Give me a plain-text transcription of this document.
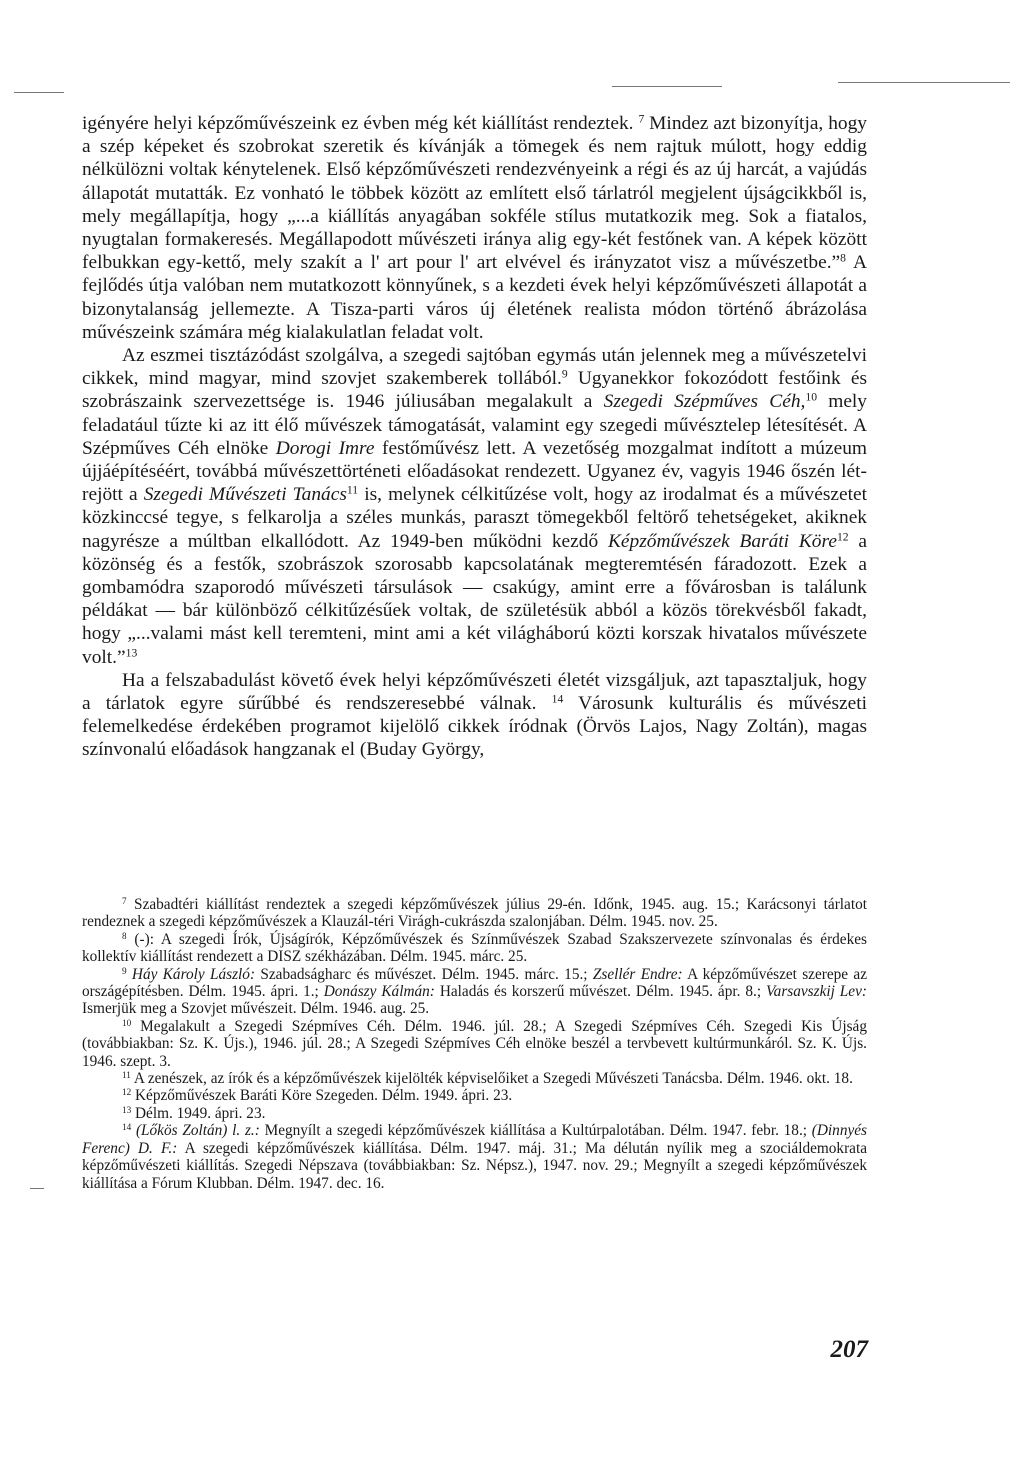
igényére helyi képzőművészeink ez évben még két kiállítást rendeztek. $^7$ Mindez azt bizonyítja, hogy a szép képeket és szobrokat szeretik és kívánják a tömegek és nem rajtuk múlott, hogy eddig nélkülözni voltak kénytelenek. Első képzőművészeti rendezvényeink a régi és az új harcát, a vajúdás állapotát mutatták. Ez vonható le többek között az említett első tárlatról megjelent újságcikkből is, mely megállapítja, hogy „...a kiállítás anyagában sokféle stílus mutatkozik meg. Sok a fiatalos, nyugtalan formakeresés. Megállapodott művészeti iránya alig egy-két festőnek van. A képek között felbukkan egy-kettő, mely szakít a l' art pour l' art elvével és irányzatot visz a művészetbe.”$^8$ A fejlődés útja valóban nem mutatkozott könnyűnek, s a kezdeti évek helyi képzőművészeti állapotát a bizonytalanság jellemezte. A Tisza-parti város új életének realista módon történő ábrázolása művészeink számára még kialakulatlan feladat volt.

Az eszmei tisztázódást szolgálva, a szegedi sajtóban egymás után jelennek meg a művészetelvi cikkek, mind magyar, mind szovjet szakemberek tollából.$^9$ Ugyanekkor fokozódott festőink és szobrászaink szervezettsége is. 1946 júliusában megalakult a Szegedi Szépműves Céh,$^{10}$ mely feladatául tűzte ki az itt élő művészek támogatását, valamint egy szegedi művésztelep létesítését. A Szépműves Céh elnöke Dorogi Imre festőművész lett. A vezetőség mozgalmat indított a múzeum újjáépítéséért, továbbá művészettörténeti előadásokat rendezett. Ugyanez év, vagyis 1946 őszén létrejött a Szegedi Művészeti Tanács$^{11}$ is, melynek célkitűzése volt, hogy az irodalmat és a művészetet közkinccsé tegye, s felkarolja a széles munkás, paraszt tömegekből feltörő tehetségeket, akiknek nagyrésze a múltban elkallódott. Az 1949-ben működni kezdő Képzőművészek Baráti Köre$^{12}$ a közönség és a festők, szobrászok szorosabb kapcsolatának megteremtésén fáradozott. Ezek a gombamódra szaporodó művészeti társulások — csakúgy, amint erre a fővárosban is találunk példákat — bár különböző célkitűzésűek voltak, de születésük abból a közös törekvésből fakadt, hogy „...valami mást kell teremteni, mint ami a két világháború közti korszak hivatalos művészete volt.”$^{13}$

Ha a felszabadulást követő évek helyi képzőművészeti életét vizsgáljuk, azt tapasztaljuk, hogy a tárlatok egyre sűrűbbé és rendszeresebbé válnak. $^{14}$ Városunk kulturális és művészeti felemelkedése érdekében programot kijelölő cikkek íródnak (Örvös Lajos, Nagy Zoltán), magas színvonalú előadások hangzanak el (Buday György,

$^7$ Szabadtéri kiállítást rendeztek a szegedi képzőművészek július 29-én. Időnk, 1945. aug. 15.; Karácsonyi tárlatot rendeznek a szegedi képzőművészek a Klauzál-téri Virágh-cukrászda szalonjában. Délm. 1945. nov. 25.

$^8$ (-): A szegedi Írók, Újságírók, Képzőművészek és Színművészek Szabad Szakszervezete színvonalas és érdekes kollektív kiállítást rendezett a DISZ székházában. Délm. 1945. márc. 25.

$^9$ Háy Károly László: Szabadságharc és művészet. Délm. 1945. márc. 15.; Zsellér Endre: A képzőművészet szerepe az országépítésben. Délm. 1945. ápri. 1.; Donászy Kálmán: Haladás és korszerű művészet. Délm. 1945. ápr. 8.; Varsavszkij Lev: Ismerjük meg a Szovjet művészeit. Délm. 1946. aug. 25.

$^{10}$ Megalakult a Szegedi Szépmíves Céh. Délm. 1946. júl. 28.; A Szegedi Szépmíves Céh. Szegedi Kis Újság (továbbiakban: Sz. K. Újs.), 1946. júl. 28.; A Szegedi Szépmíves Céh elnöke beszél a tervbevett kultúrmunkáról. Sz. K. Újs. 1946. szept. 3.

$^{11}$ A zenészek, az írók és a képzőművészek kijelölték képviselőiket a Szegedi Művészeti Tanácsba. Délm. 1946. okt. 18.

$^{12}$ Képzőművészek Baráti Köre Szegeden. Délm. 1949. ápri. 23.

$^{13}$ Délm. 1949. ápri. 23.

$^{14}$ (Lőkös Zoltán) l. z.: Megnyílt a szegedi képzőművészek kiállítása a Kultúrpalotában. Délm. 1947. febr. 18.; (Dinnyés Ferenc) D. F.: A szegedi képzőművészek kiállítása. Délm. 1947. máj. 31.; Ma délután nyílik meg a szociáldemokrata képzőművészeti kiállítás. Szegedi Népszava (továbbiakban: Sz. Népsz.), 1947. nov. 29.; Megnyílt a szegedi képzőművészek kiállítása a Fórum Klubban. Délm. 1947. dec. 16.

207
